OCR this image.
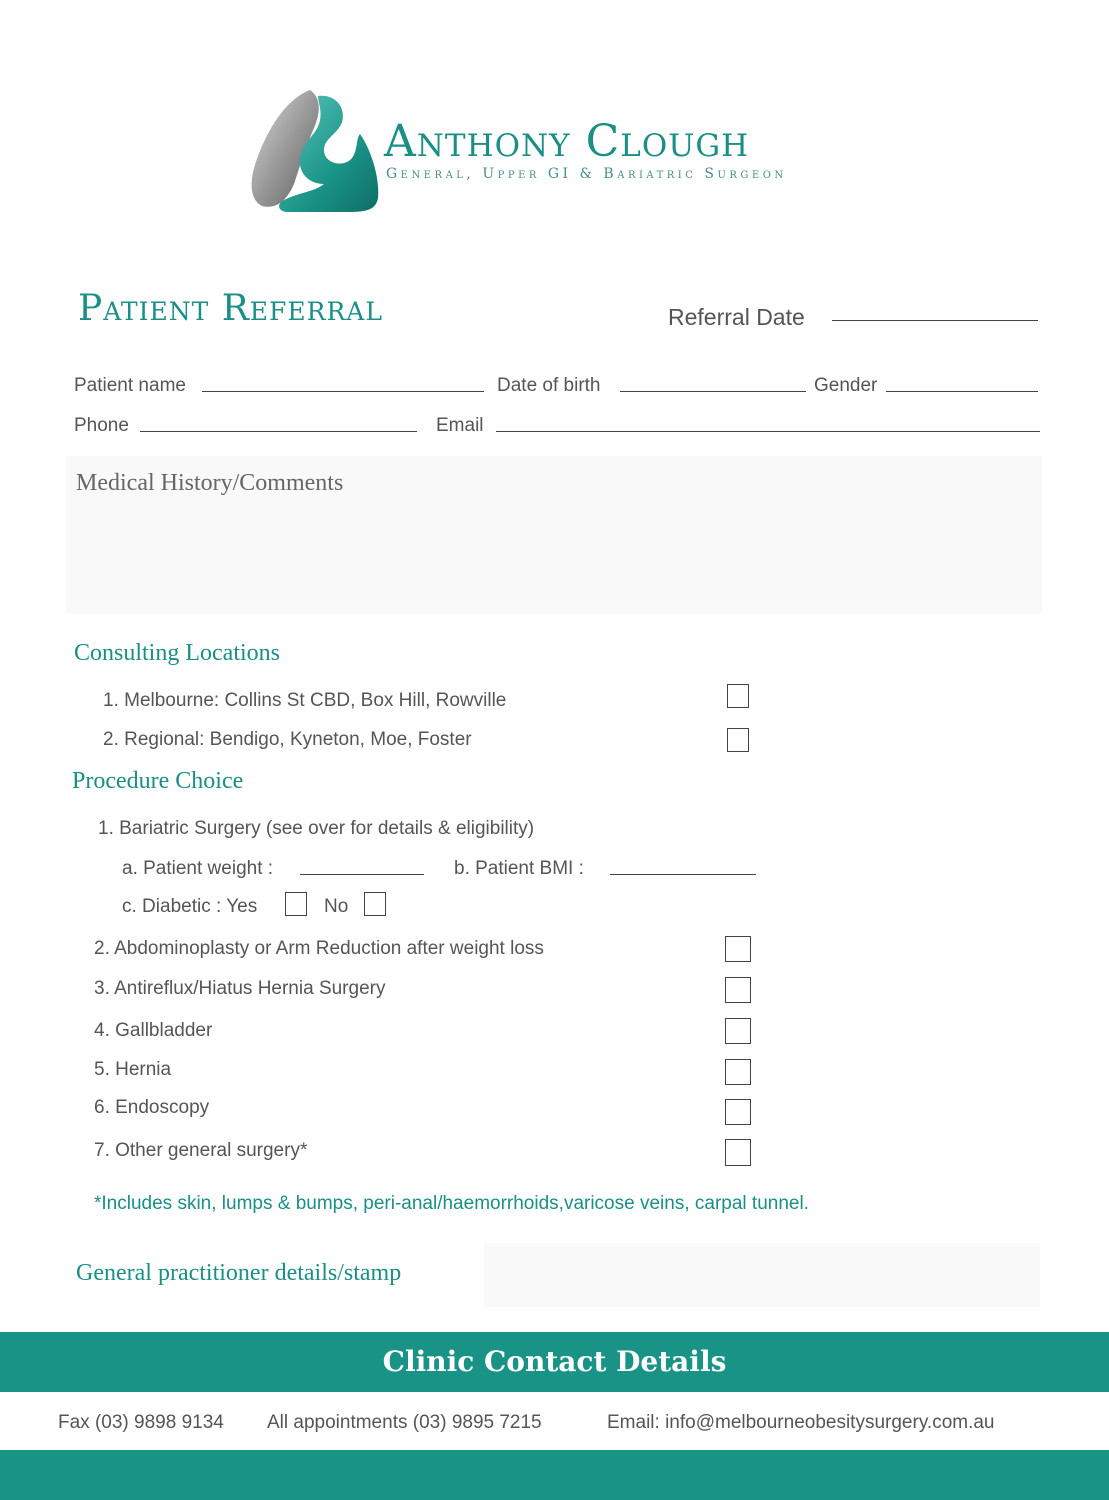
Anthony Clough
General, Upper GI & Bariatric Surgeon
Patient Referral	Referral Date
Patient name	Date of birth	Gender
Phone	Email
Medical History/Comments
Consulting Locations
1. Melbourne: Collins St CBD, Box Hill, Rowville
2. Regional: Bendigo, Kyneton, Moe, Foster
Procedure Choice
1. Bariatric Surgery (see over for details & eligibility)
a. Patient weight :	b. Patient BMI :
c. Diabetic : Yes	No
2. Abdominoplasty or Arm Reduction after weight loss
3. Antireflux/Hiatus Hernia Surgery
4. Gallbladder
5. Hernia
6. Endoscopy
7. Other general surgery*
*Includes skin, lumps & bumps, peri-anal/haemorrhoids,varicose veins, carpal tunnel.
General practitioner details/stamp
Clinic Contact Details
Fax (03) 9898 9134 All appointments (03) 9895 7215	Email: info@melbourneobesitysurgery.com.au
